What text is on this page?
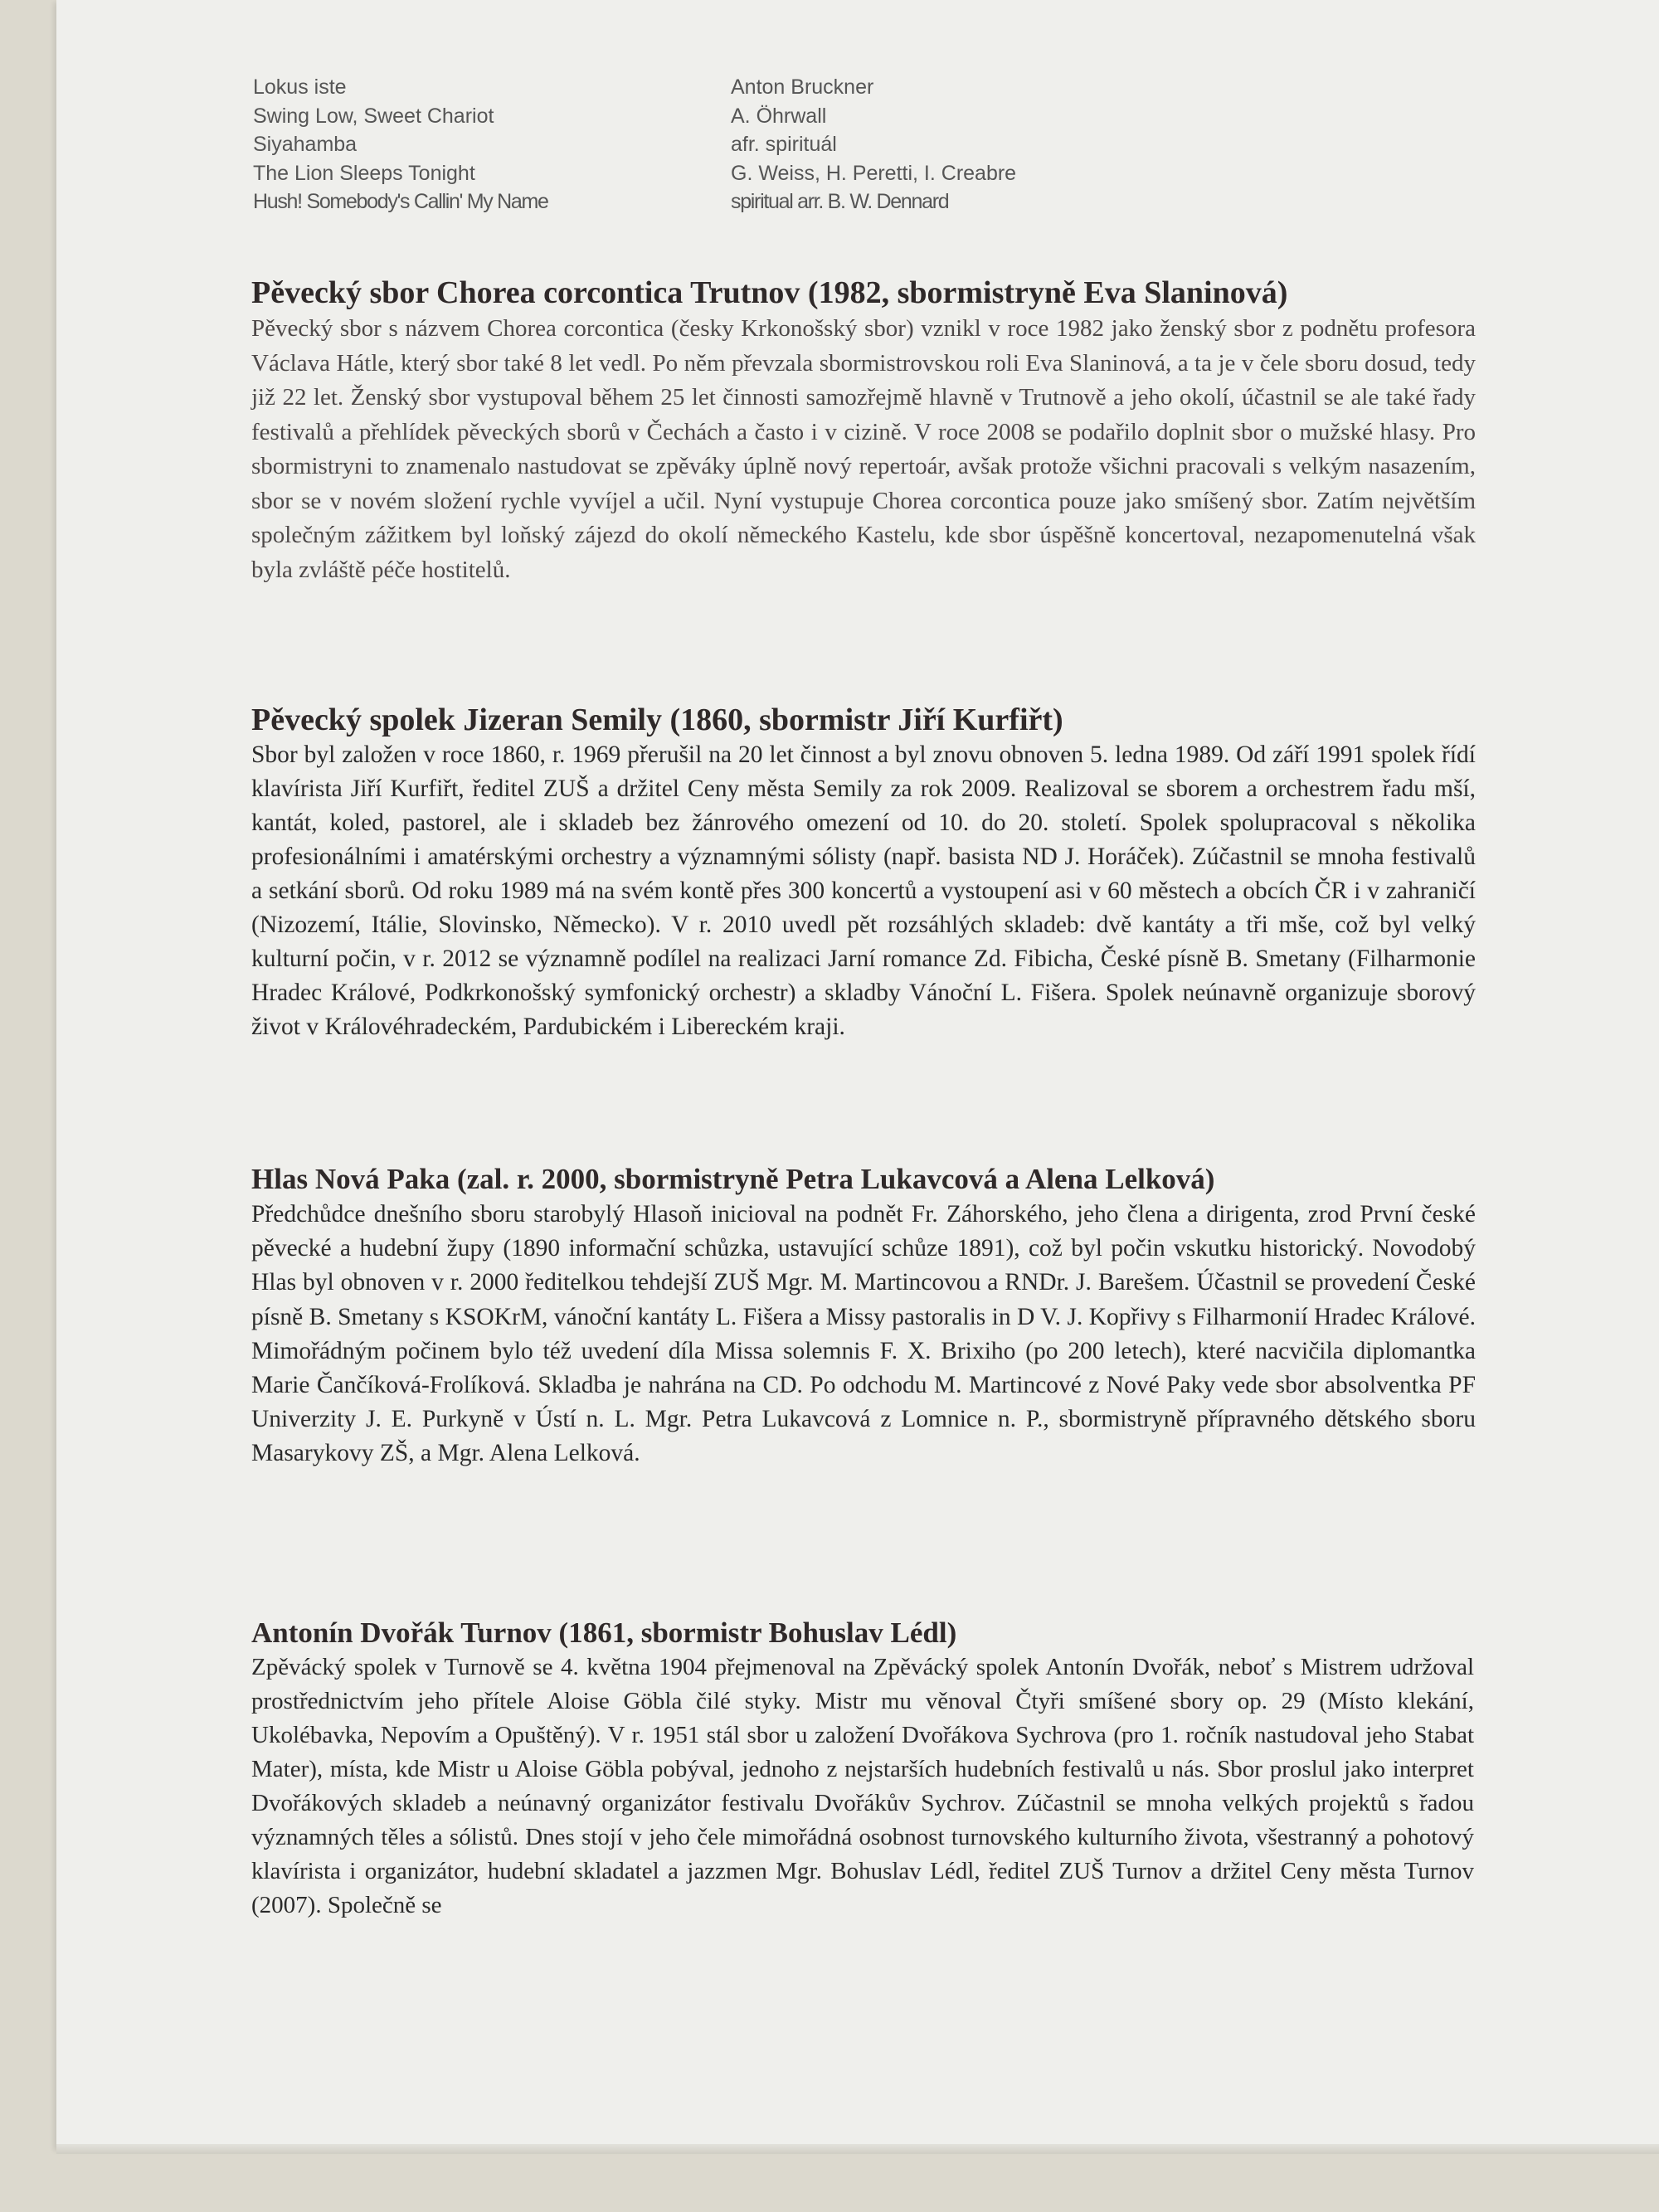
Lokus iste	Anton Bruckner
Swing Low, Sweet Chariot	A. Öhrwall
Siyahamba	afr. spirituál
The Lion Sleeps Tonight	G. Weiss, H. Peretti, I. Creabre
Hush! Somebody's Callin' My Name	spiritual arr. B. W. Dennard
Pěvecký sbor Chorea corcontica Trutnov (1982, sbormistryně Eva Slaninová)

Pěvecký sbor s názvem Chorea corcontica (česky Krkonošský sbor) vznikl v roce 1982 jako ženský sbor z podnětu profesora Václava Hátle, který sbor také 8 let vedl. Po něm převzala sbormistrovskou roli Eva Slaninová, a ta je v čele sboru dosud, tedy již 22 let. Ženský sbor vystupoval během 25 let činnosti samozřejmě hlavně v Trutnově a jeho okolí, účastnil se ale také řady festivalů a přehlídek pěveckých sborů v Čechách a často i v cizině. V roce 2008 se podařilo doplnit sbor o mužské hlasy. Pro sbormistryni to znamenalo nastudovat se zpěváky úplně nový repertoár, avšak protože všichni pracovali s velkým nasazením, sbor se v novém složení rychle vyvíjel a učil. Nyní vystupuje Chorea corcontica pouze jako smíšený sbor. Zatím největším společným zážitkem byl loňský zájezd do okolí německého Kastelu, kde sbor úspěšně koncertoval, nezapomenutelná však byla zvláště péče hostitelů.

Pěvecký spolek Jizeran Semily (1860, sbormistr Jiří Kurfiřt)

Sbor byl založen v roce 1860, r. 1969 přerušil na 20 let činnost a byl znovu obnoven 5. ledna 1989. Od září 1991 spolek řídí klavírista Jiří Kurfiřt, ředitel ZUŠ a držitel Ceny města Semily za rok 2009. Realizoval se sborem a orchestrem řadu mší, kantát, koled, pastorel, ale i skladeb bez žánrového omezení od 10. do 20. století. Spolek spolupracoval s několika profesionálními i amatérskými orchestry a významnými sólisty (např. basista ND J. Horáček). Zúčastnil se mnoha festivalů a setkání sborů. Od roku 1989 má na svém kontě přes 300 koncertů a vystoupení asi v 60 městech a obcích ČR i v zahraničí (Nizozemí, Itálie, Slovinsko, Německo). V r. 2010 uvedl pět rozsáhlých skladeb: dvě kantáty a tři mše, což byl velký kulturní počin, v r. 2012 se významně podílel na realizaci Jarní romance Zd. Fibicha, České písně B. Smetany (Filharmonie Hradec Králové, Podkrkonošský symfonický orchestr) a skladby Vánoční L. Fišera. Spolek neúnavně organizuje sborový život v Královéhradeckém, Pardubickém i Libereckém kraji.

Hlas Nová Paka (zal. r. 2000, sbormistryně Petra Lukavcová a Alena Lelková)

Předchůdce dnešního sboru starobylý Hlasoň inicioval na podnět Fr. Záhorského, jeho člena a dirigenta, zrod První české pěvecké a hudební župy (1890 informační schůzka, ustavující schůze 1891), což byl počin vskutku historický. Novodobý Hlas byl obnoven v r. 2000 ředitelkou tehdejší ZUŠ Mgr. M. Martincovou a RNDr. J. Barešem. Účastnil se provedení České písně B. Smetany s KSOKrM, vánoční kantáty L. Fišera a Missy pastoralis in D V. J. Kopřivy s Filharmonií Hradec Králové. Mimořádným počinem bylo též uvedení díla Missa solemnis F. X. Brixiho (po 200 letech), které nacvičila diplomantka Marie Čančíková-Frolíková. Skladba je nahrána na CD. Po odchodu M. Martincové z Nové Paky vede sbor absolventka PF Univerzity J. E. Purkyně v Ústí n. L. Mgr. Petra Lukavcová z Lomnice n. P., sbormistryně přípravného dětského sboru Masarykovy ZŠ, a Mgr. Alena Lelková.

Antonín Dvořák Turnov (1861, sbormistr Bohuslav Lédl)

Zpěvácký spolek v Turnově se 4. května 1904 přejmenoval na Zpěvácký spolek Antonín Dvořák, neboť s Mistrem udržoval prostřednictvím jeho přítele Aloise Göbla čilé styky. Mistr mu věnoval Čtyři smíšené sbory op. 29 (Místo klekání, Ukolébavka, Nepovím a Opuštěný). V r. 1951 stál sbor u založení Dvořákova Sychrova (pro 1. ročník nastudoval jeho Stabat Mater), místa, kde Mistr u Aloise Göbla pobýval, jednoho z nejstarších hudebních festivalů u nás. Sbor proslul jako interpret Dvořákových skladeb a neúnavný organizátor festivalu Dvořákův Sychrov. Zúčastnil se mnoha velkých projektů s řadou významných těles a sólistů. Dnes stojí v jeho čele mimořádná osobnost turnovského kulturního života, všestranný a pohotový klavírista i organizátor, hudební skladatel a jazzmen Mgr. Bohuslav Lédl, ředitel ZUŠ Turnov a držitel Ceny města Turnov (2007). Společně se
